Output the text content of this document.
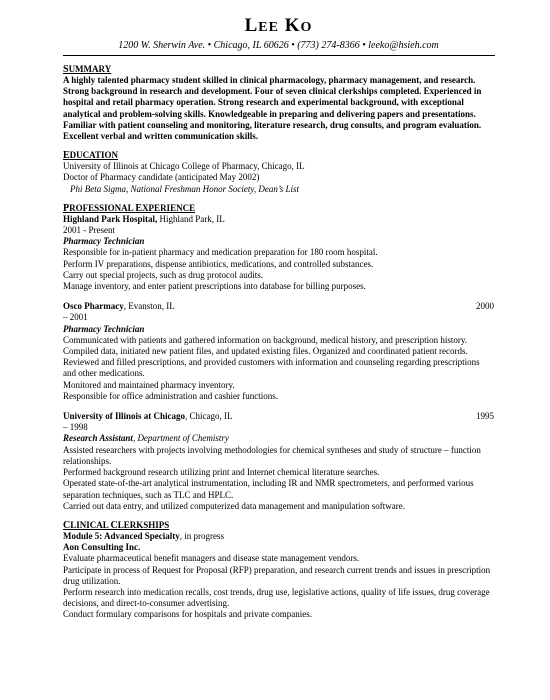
LEE KO
1200 W. Sherwin Ave. • Chicago, IL 60626 • (773) 274-8366 • leeko@hsieh.com
SUMMARY
A highly talented pharmacy student skilled in clinical pharmacology, pharmacy management, and research. Strong background in research and development. Four of seven clinical clerkships completed. Experienced in hospital and retail pharmacy operation. Strong research and experimental background, with exceptional analytical and problem-solving skills. Knowledgeable in preparing and delivering papers and presentations. Familiar with patient counseling and monitoring, literature research, drug consults, and program evaluation. Excellent verbal and written communication skills.
EDUCATION
University of Illinois at Chicago College of Pharmacy, Chicago, IL
Doctor of Pharmacy candidate (anticipated May 2002)
Phi Beta Sigma, National Freshman Honor Society, Dean’s List
PROFESSIONAL EXPERIENCE
Highland Park Hospital, Highland Park, IL
2001 - Present
Pharmacy Technician
Responsible for in-patient pharmacy and medication preparation for 180 room hospital.
Perform IV preparations, dispense antibiotics, medications, and controlled substances.
Carry out special projects, such as drug protocol audits.
Manage inventory, and enter patient prescriptions into database for billing purposes.
Osco Pharmacy, Evanston, IL	2000
– 2001
Pharmacy Technician
Communicated with patients and gathered information on background, medical history, and prescription history.
Compiled data, initiated new patient files, and updated existing files. Organized and coordinated patient records.
Reviewed and filled prescriptions, and provided customers with information and counseling regarding prescriptions and other medications.
Monitored and maintained pharmacy inventory.
Responsible for office administration and cashier functions.
University of Illinois at Chicago, Chicago, IL	1995
– 1998
Research Assistant, Department of Chemistry
Assisted researchers with projects involving methodologies for chemical syntheses and study of structure – function relationships.
Performed background research utilizing print and Internet chemical literature searches.
Operated state-of-the-art analytical instrumentation, including IR and NMR spectrometers, and performed various separation techniques, such as TLC and HPLC.
Carried out data entry, and utilized computerized data management and manipulation software.
CLINICAL CLERKSHIPS
Module 5: Advanced Specialty, in progress
Aon Consulting Inc.
Evaluate pharmaceutical benefit managers and disease state management vendors.
Participate in process of Request for Proposal (RFP) preparation, and research current trends and issues in prescription drug utilization.
Perform research into medication recalls, cost trends, drug use, legislative actions, quality of life issues, drug coverage decisions, and direct-to-consumer advertising.
Conduct formulary comparisons for hospitals and private companies.
